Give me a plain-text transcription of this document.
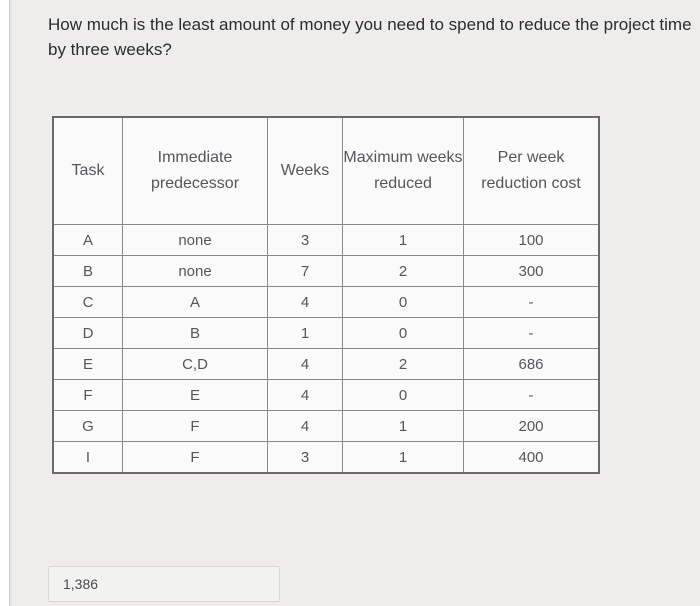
How much is the least amount of money you need to spend to reduce the project time by three weeks?
Task	Immediate predecessor	Weeks	Maximum weeks reduced	Per week reduction cost
A	none	3	1	100
B	none	7	2	300
C	A	4	0	-
D	B	1	0	-
E	C,D	4	2	686
F	E	4	0	-
G	F	4	1	200
I	F	3	1	400
1,386
